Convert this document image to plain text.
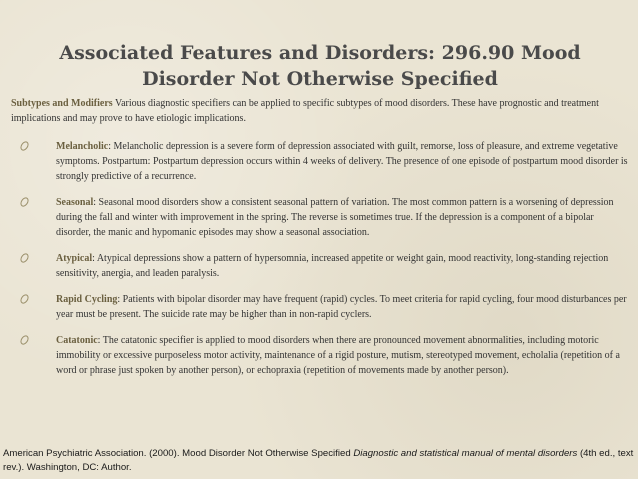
Associated Features and Disorders: 296.90 Mood Disorder Not Otherwise Specified
Subtypes and Modifiers Various diagnostic specifiers can be applied to specific subtypes of mood disorders. These have prognostic and treatment implications and may prove to have etiologic implications.
Melancholic: Melancholic depression is a severe form of depression associated with guilt, remorse, loss of pleasure, and extreme vegetative symptoms. Postpartum: Postpartum depression occurs within 4 weeks of delivery. The presence of one episode of postpartum mood disorder is strongly predictive of a recurrence.
Seasonal: Seasonal mood disorders show a consistent seasonal pattern of variation. The most common pattern is a worsening of depression during the fall and winter with improvement in the spring. The reverse is sometimes true. If the depression is a component of a bipolar disorder, the manic and hypomanic episodes may show a seasonal association.
Atypical: Atypical depressions show a pattern of hypersomnia, increased appetite or weight gain, mood reactivity, long-standing rejection sensitivity, anergia, and leaden paralysis.
Rapid Cycling: Patients with bipolar disorder may have frequent (rapid) cycles. To meet criteria for rapid cycling, four mood disturbances per year must be present. The suicide rate may be higher than in non-rapid cyclers.
Catatonic: The catatonic specifier is applied to mood disorders when there are pronounced movement abnormalities, including motoric immobility or excessive purposeless motor activity, maintenance of a rigid posture, mutism, stereotyped movement, echolalia (repetition of a word or phrase just spoken by another person), or echopraxia (repetition of movements made by another person).
American Psychiatric Association. (2000). Mood Disorder Not Otherwise Specified Diagnostic and statistical manual of mental disorders (4th ed., text rev.). Washington, DC: Author.
